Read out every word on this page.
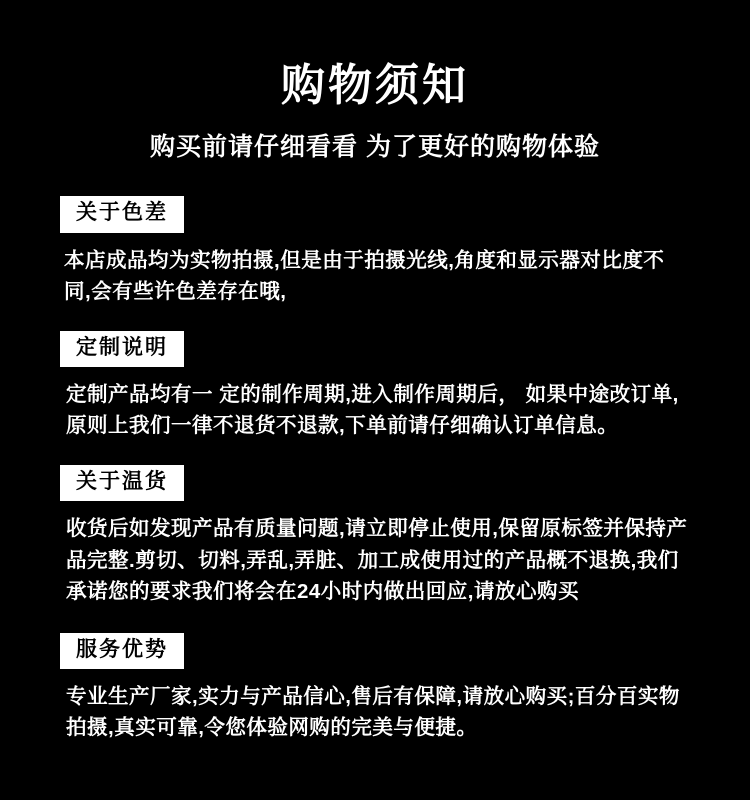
购物须知

购买前请仔细看看 为了更好的购物体验

关于色差
本店成品均为实物拍摄,但是由于拍摄光线,角度和显示器对比度不同,会有些许色差存在哦,
定制说明
定制产品均有一 定的制作周期,进入制作周期后， 如果中途改订单,原则上我们一律不退货不退款,下单前请仔细确认订单信息。
关于温货
收货后如发现产品有质量问题,请立即停止使用,保留原标签并保持产品完整.剪切、切料,弄乱,弄脏、加工成使用过的产品概不退换,我们承诺您的要求我们将会在24小时内做出回应,请放心购买
服务优势
专业生产厂家,实力与产品信心,售后有保障,请放心购买;百分百实物拍摄,真实可靠,令您体验网购的完美与便捷。
